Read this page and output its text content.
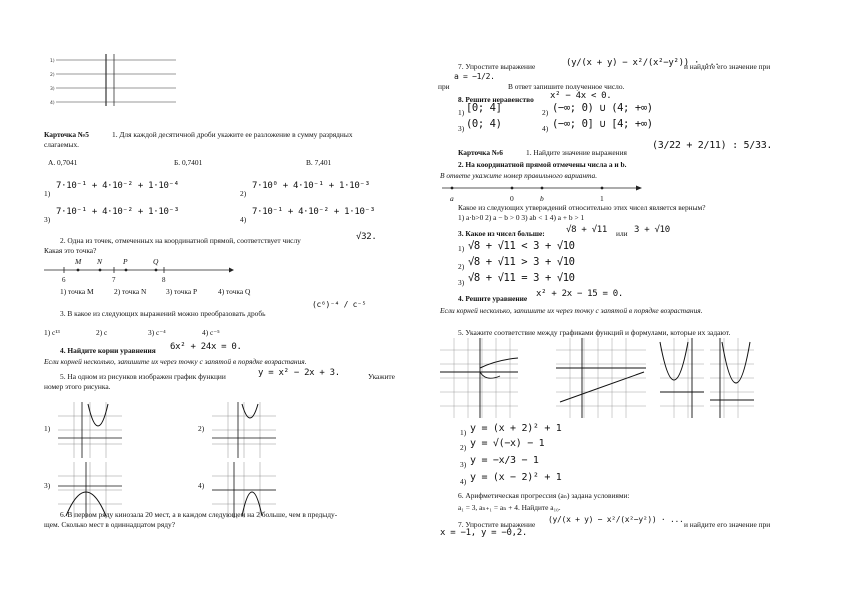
1)
2)
3)
4)
Карточка №5	1. Для каждой десятичной дроби укажите ее разложение в сумму разрядных
слагаемых.
А. 0,7041	Б. 0,7401	В. 7,401
1)
7·10⁻¹ + 4·10⁻² + 1·10⁻⁴
2)
7·10⁰ + 4·10⁻¹ + 1·10⁻³
3)
7·10⁻¹ + 4·10⁻² + 1·10⁻³
4)
7·10⁻¹ + 4·10⁻² + 1·10⁻³
2. Одна из точек, отмеченных на координатной прямой, соответствует числу	√32.
Какая это точка?
M N	P	Q
6	7	8
1) точка M	2) точка N	3) точка P	4) точка Q
3. В какое из следующих выражений можно преобразовать дробь
(c⁶)⁻⁴ / c⁻⁵
1) c¹³	2) c	3) c⁻⁴	4) c⁻⁵
4. Найдите корни уравнения 6x² + 24x = 0.
Если корней несколько, запишите их через точку с запятой в порядке возрастания.
5. На одном из рисунков изображен график функции	y = x² − 2x + 3.	Укажите
номер этого рисунка.
1)	2)
3)	4)
6. В первом ряду кинозала 20 мест, а в каждом следующем на 2 больше, чем в предыду-
щем. Сколько мест в одиннадцатом ряду?
7. Упростите выражение	(y/(x + y) − x²/(x²−y²)) · ...
и найдите его значение при
при
a = −1/2.
В ответ запишите полученное число.
8. Решите неравенство x² − 4x < 0.
1) [0; 4]	2) (−∞; 0) ∪ (4; +∞)
3) (0; 4)	4) (−∞; 0] ∪ [4; +∞)
Карточка №6	1. Найдите значение выражения
(3/22 + 2/11) : 5/33.
2. На координатной прямой отмечены числа a и b.
В ответе укажите номер правильного варианта.
a	0	b	1
Какое из следующих утверждений относительно этих чисел является верным?
1) a·b>0 2) a − b > 0 3) ab < 1 4) a + b > 1
3. Какое из чисел больше: √8 + √11 или 3 + √10
1) √8 + √11 < 3 + √10
2) √8 + √11 > 3 + √10
3) √8 + √11 = 3 + √10
4. Решите уравнение x² + 2x − 15 = 0.
Если корней несколько, запишите их через точку с запятой в порядке возрастания.
5. Укажите соответствие между графиками функций и формулами, которые их задают.
1) y = (x + 2)² + 1
2) y = √(−x) − 1
3) y = −x/3 − 1
4) y = (x − 2)² + 1
6. Арифметическая прогрессия (aₙ) задана условиями:
a₁ = 3, aₙ₊₁ = aₙ + 4. Найдите a₁₀.
7. Упростите выражение
(y/(x + y) − x²/(x²−y²)) · ...
и найдите его значение при
x = −1, y = −0,2.
